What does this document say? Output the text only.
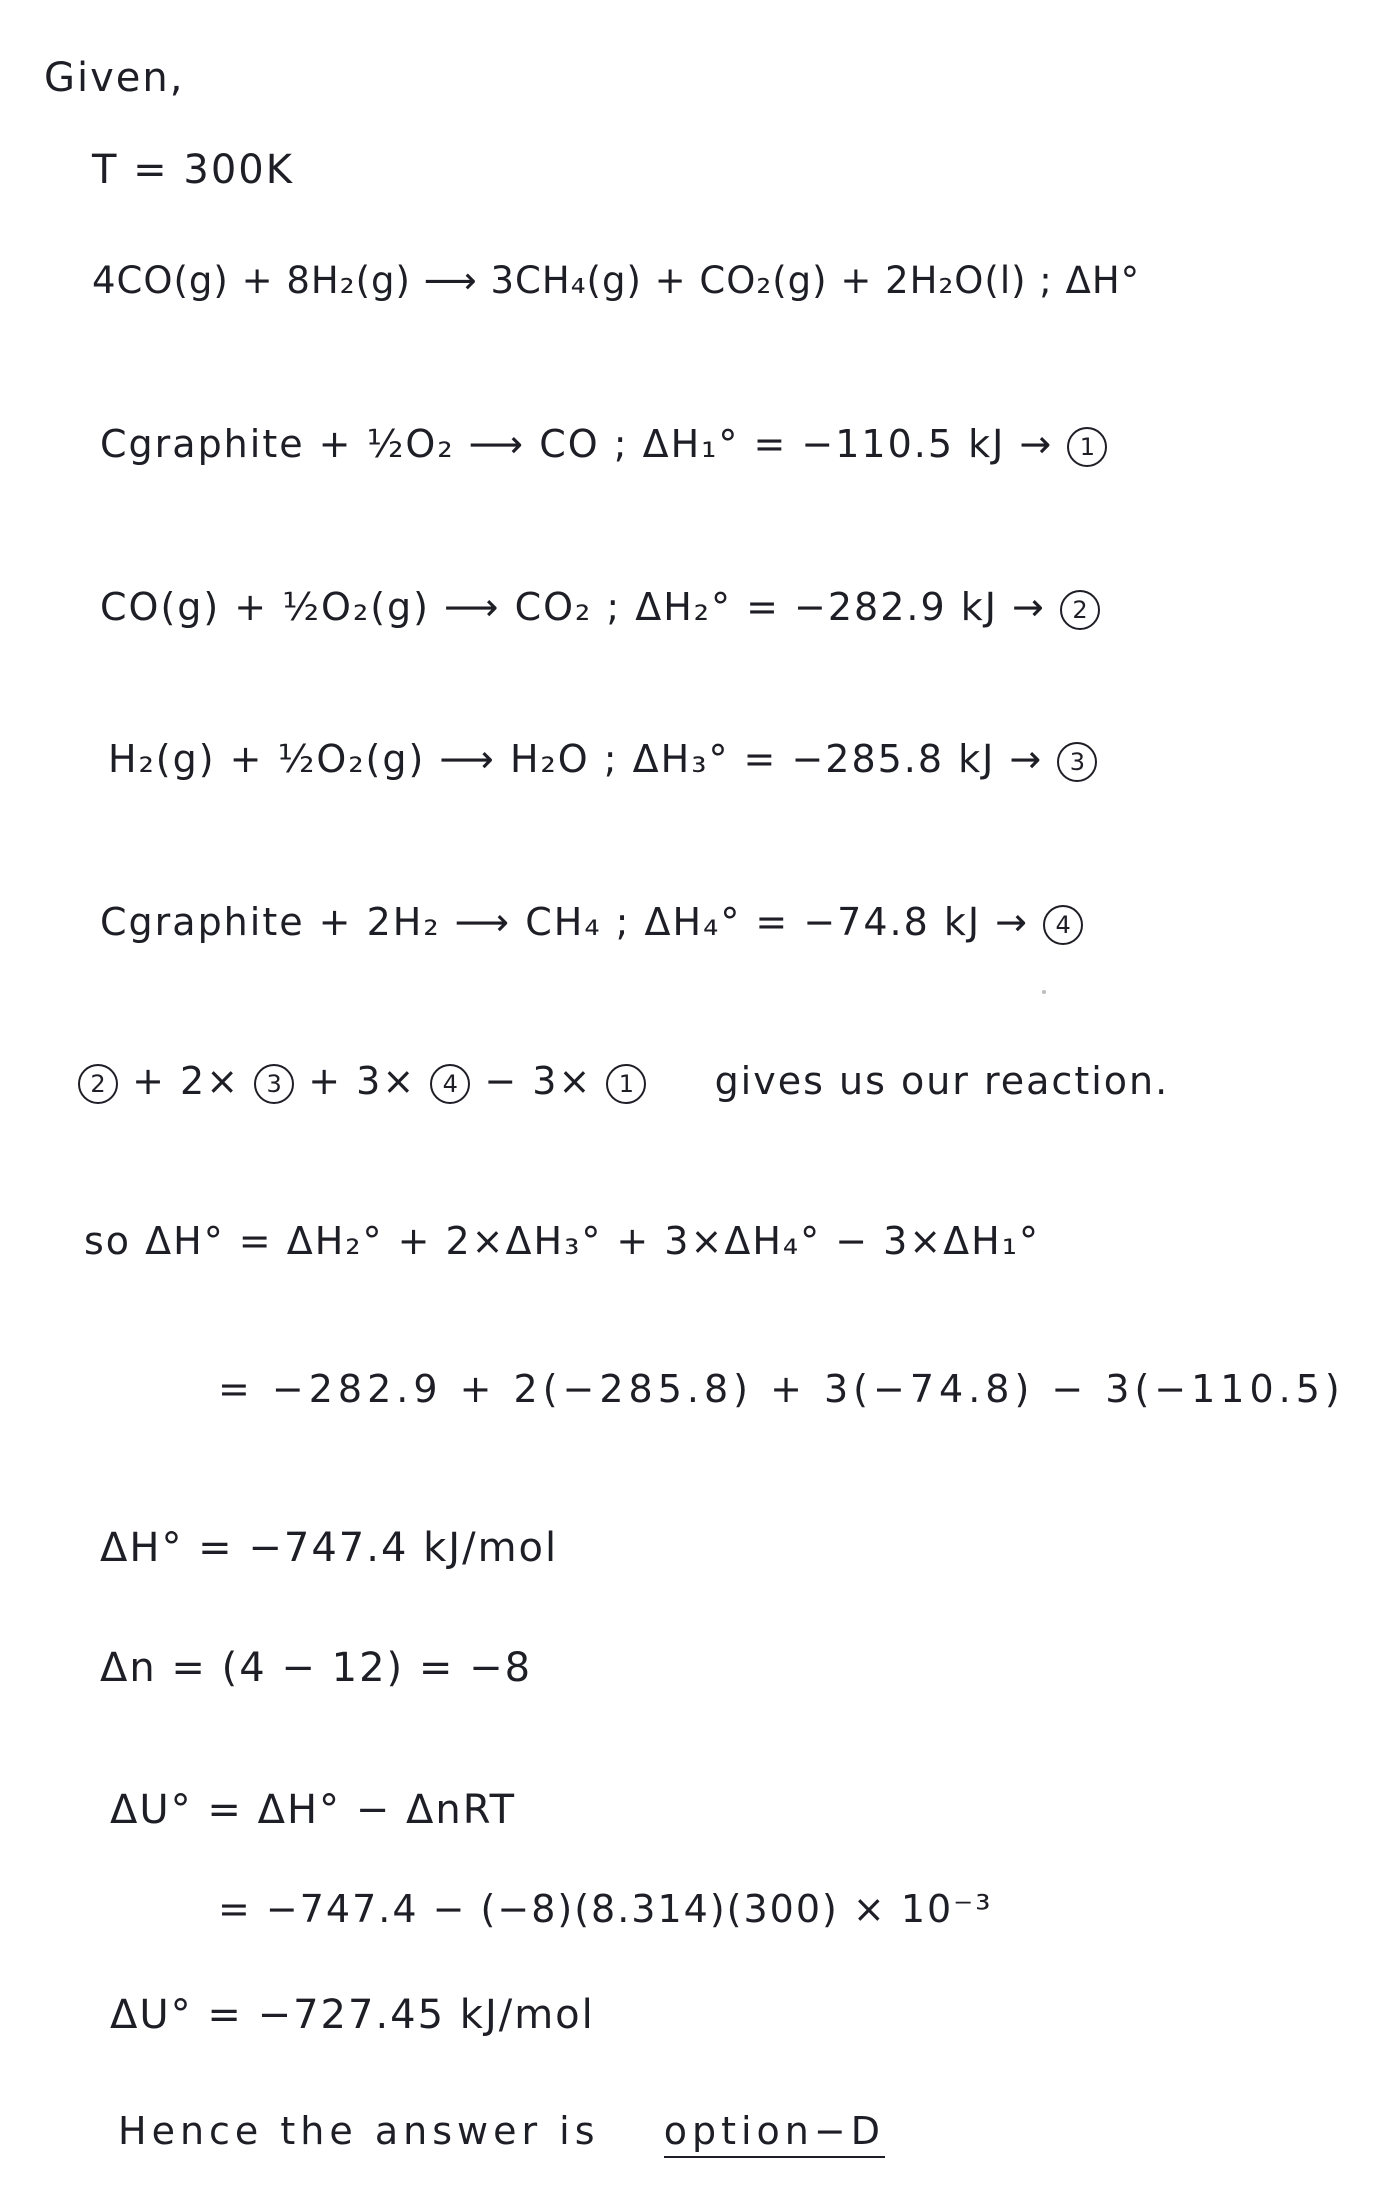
Given,
T = 300K
4CO(g) + 8H₂(g) ⟶ 3CH₄(g) + CO₂(g) + 2H₂O(l) ; ΔH°
Cgraphite + ½O₂ ⟶ CO ; ΔH₁° = −110.5 kJ → 1
CO(g) + ½O₂(g) ⟶ CO₂ ; ΔH₂° = −282.9 kJ → 2
H₂(g) + ½O₂(g) ⟶ H₂O ; ΔH₃° = −285.8 kJ → 3
Cgraphite + 2H₂ ⟶ CH₄ ; ΔH₄° = −74.8 kJ → 4
2 + 2× 3 + 3× 4 − 3× 1 gives us our reaction.
so ΔH° = ΔH₂° + 2×ΔH₃° + 3×ΔH₄° − 3×ΔH₁°
= −282.9 + 2(−285.8) + 3(−74.8) − 3(−110.5)
ΔH° = −747.4 kJ/mol
Δn = (4 − 12) = −8
ΔU° = ΔH° − ΔnRT
= −747.4 − (−8)(8.314)(300) × 10⁻³
ΔU° = −727.45 kJ/mol
Hence the answer is option−D
